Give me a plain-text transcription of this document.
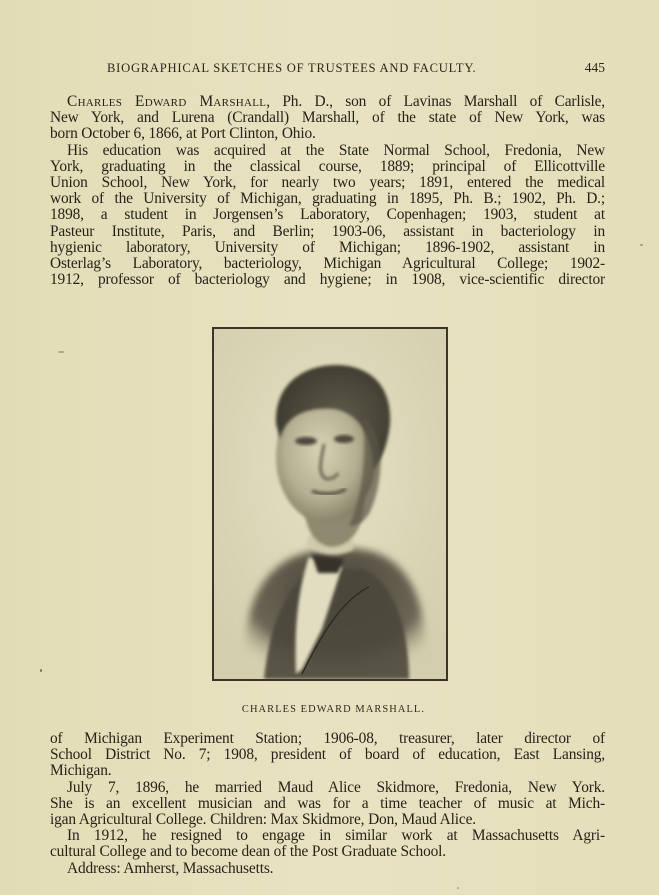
BIOGRAPHICAL SKETCHES OF TRUSTEES AND FACULTY.	445
Charles Edward Marshall, Ph. D., son of Lavinas Marshall of Carlisle,
New York, and Lurena (Crandall) Marshall, of the state of New York, was
born October 6, 1866, at Port Clinton, Ohio.
His education was acquired at the State Normal School, Fredonia, New
York, graduating in the classical course, 1889; principal of Ellicottville
Union School, New York, for nearly two years; 1891, entered the medical
work of the University of Michigan, graduating in 1895, Ph. B.; 1902, Ph. D.;
1898, a student in Jorgensen’s Laboratory, Copenhagen; 1903, student at
Pasteur Institute, Paris, and Berlin; 1903-06, assistant in bacteriology in
hygienic laboratory, University of Michigan; 1896-1902, assistant in
Osterlag’s Laboratory, bacteriology, Michigan Agricultural College; 1902-
1912, professor of bacteriology and hygiene; in 1908, vice-scientific director
CHARLES EDWARD MARSHALL.
of Michigan Experiment Station; 1906-08, treasurer, later director of
School District No. 7; 1908, president of board of education, East Lansing,
Michigan.
July 7, 1896, he married Maud Alice Skidmore, Fredonia, New York.
She is an excellent musician and was for a time teacher of music at Mich-
igan Agricultural College. Children: Max Skidmore, Don, Maud Alice.
In 1912, he resigned to engage in similar work at Massachusetts Agri-
cultural College and to become dean of the Post Graduate School.
Address: Amherst, Massachusetts.
